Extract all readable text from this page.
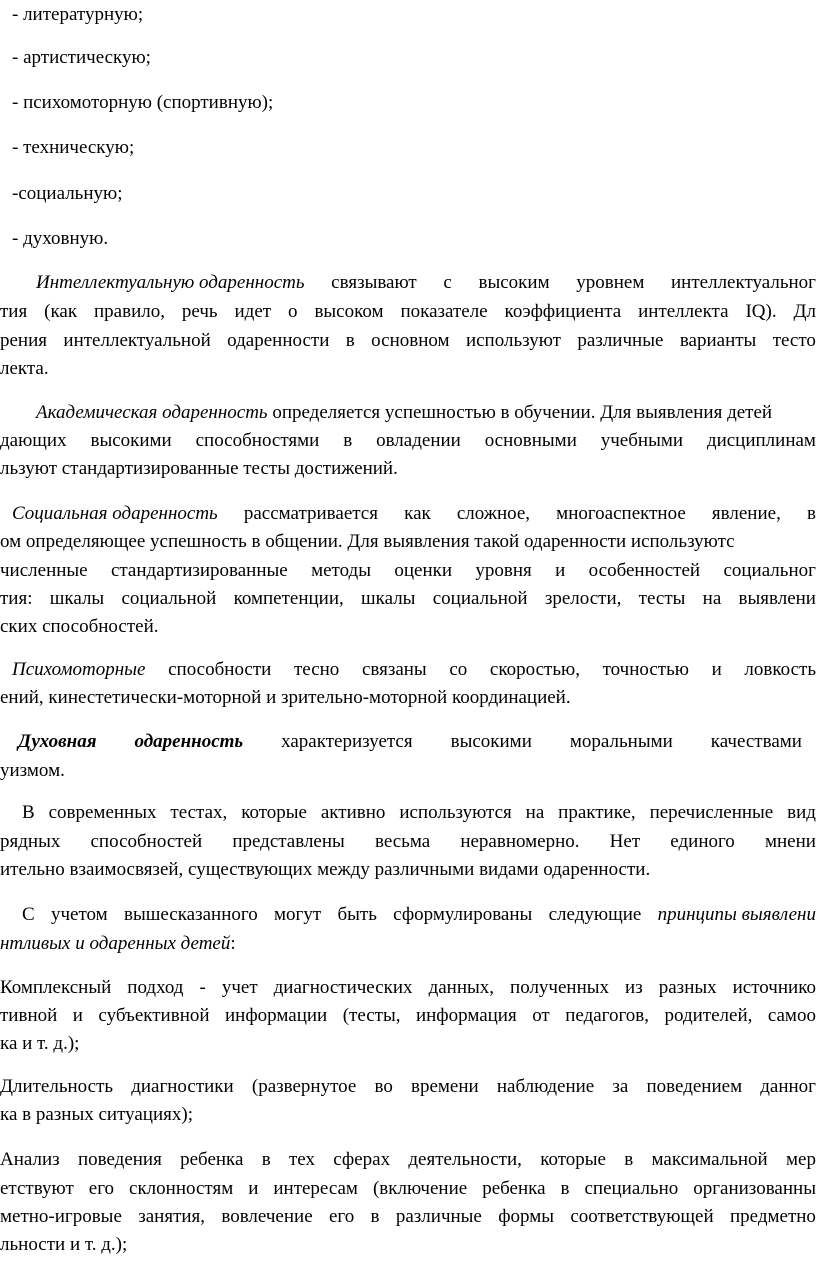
- литературную;
- артистическую;
- психомоторную (спортивную);
- техническую;
-социальную;
- духовную.
Интеллектуальную одаренность связывают с высоким уровнем интеллектуальног
тия (как правило, речь идет о высоком показателе коэффициента интеллекта IQ). Дл
рения интеллектуальной одаренности в основном используют различные варианты тесто
лекта.
Академическая одаренность определяется успешностью в обучении. Для выявления детей
дающих высокими способностями в овладении основными учебными дисциплинам
льзуют стандартизированные тесты достижений.
Социальная одаренность рассматривается как сложное, многоаспектное явление, в
ом определяющее успешность в общении. Для выявления такой одаренности используютс
численные стандартизированные методы оценки уровня и особенностей социальног
тия: шкалы социальной компетенции, шкалы социальной зрелости, тесты на выявлени
ских способностей.
Психомоторные способности тесно связаны со скоростью, точностью и ловкость
ений, кинестетически-моторной и зрительно-моторной координацией.
Духовная одаренность характеризуется высокими моральными качествами
уизмом.
В современных тестах, которые активно используются на практике, перечисленные вид
рядных способностей представлены весьма неравномерно. Нет единого мнени
ительно взаимосвязей, существующих между различными видами одаренности.
С учетом вышесказанного могут быть сформулированы следующие принципы выявлени
нтливых и одаренных детей:
Комплексный подход - учет диагностических данных, полученных из разных источнико
тивной и субъективной информации (тесты, информация от педагогов, родителей, самоо
ка и т. д.);
Длительность диагностики (развернутое во времени наблюдение за поведением данног
ка в разных ситуациях);
Анализ поведения ребенка в тех сферах деятельности, которые в максимальной мер
етствуют его склонностям и интересам (включение ребенка в специально организованны
метно-игровые занятия, вовлечение его в различные формы соответствующей предметно
льности и т. д.);
